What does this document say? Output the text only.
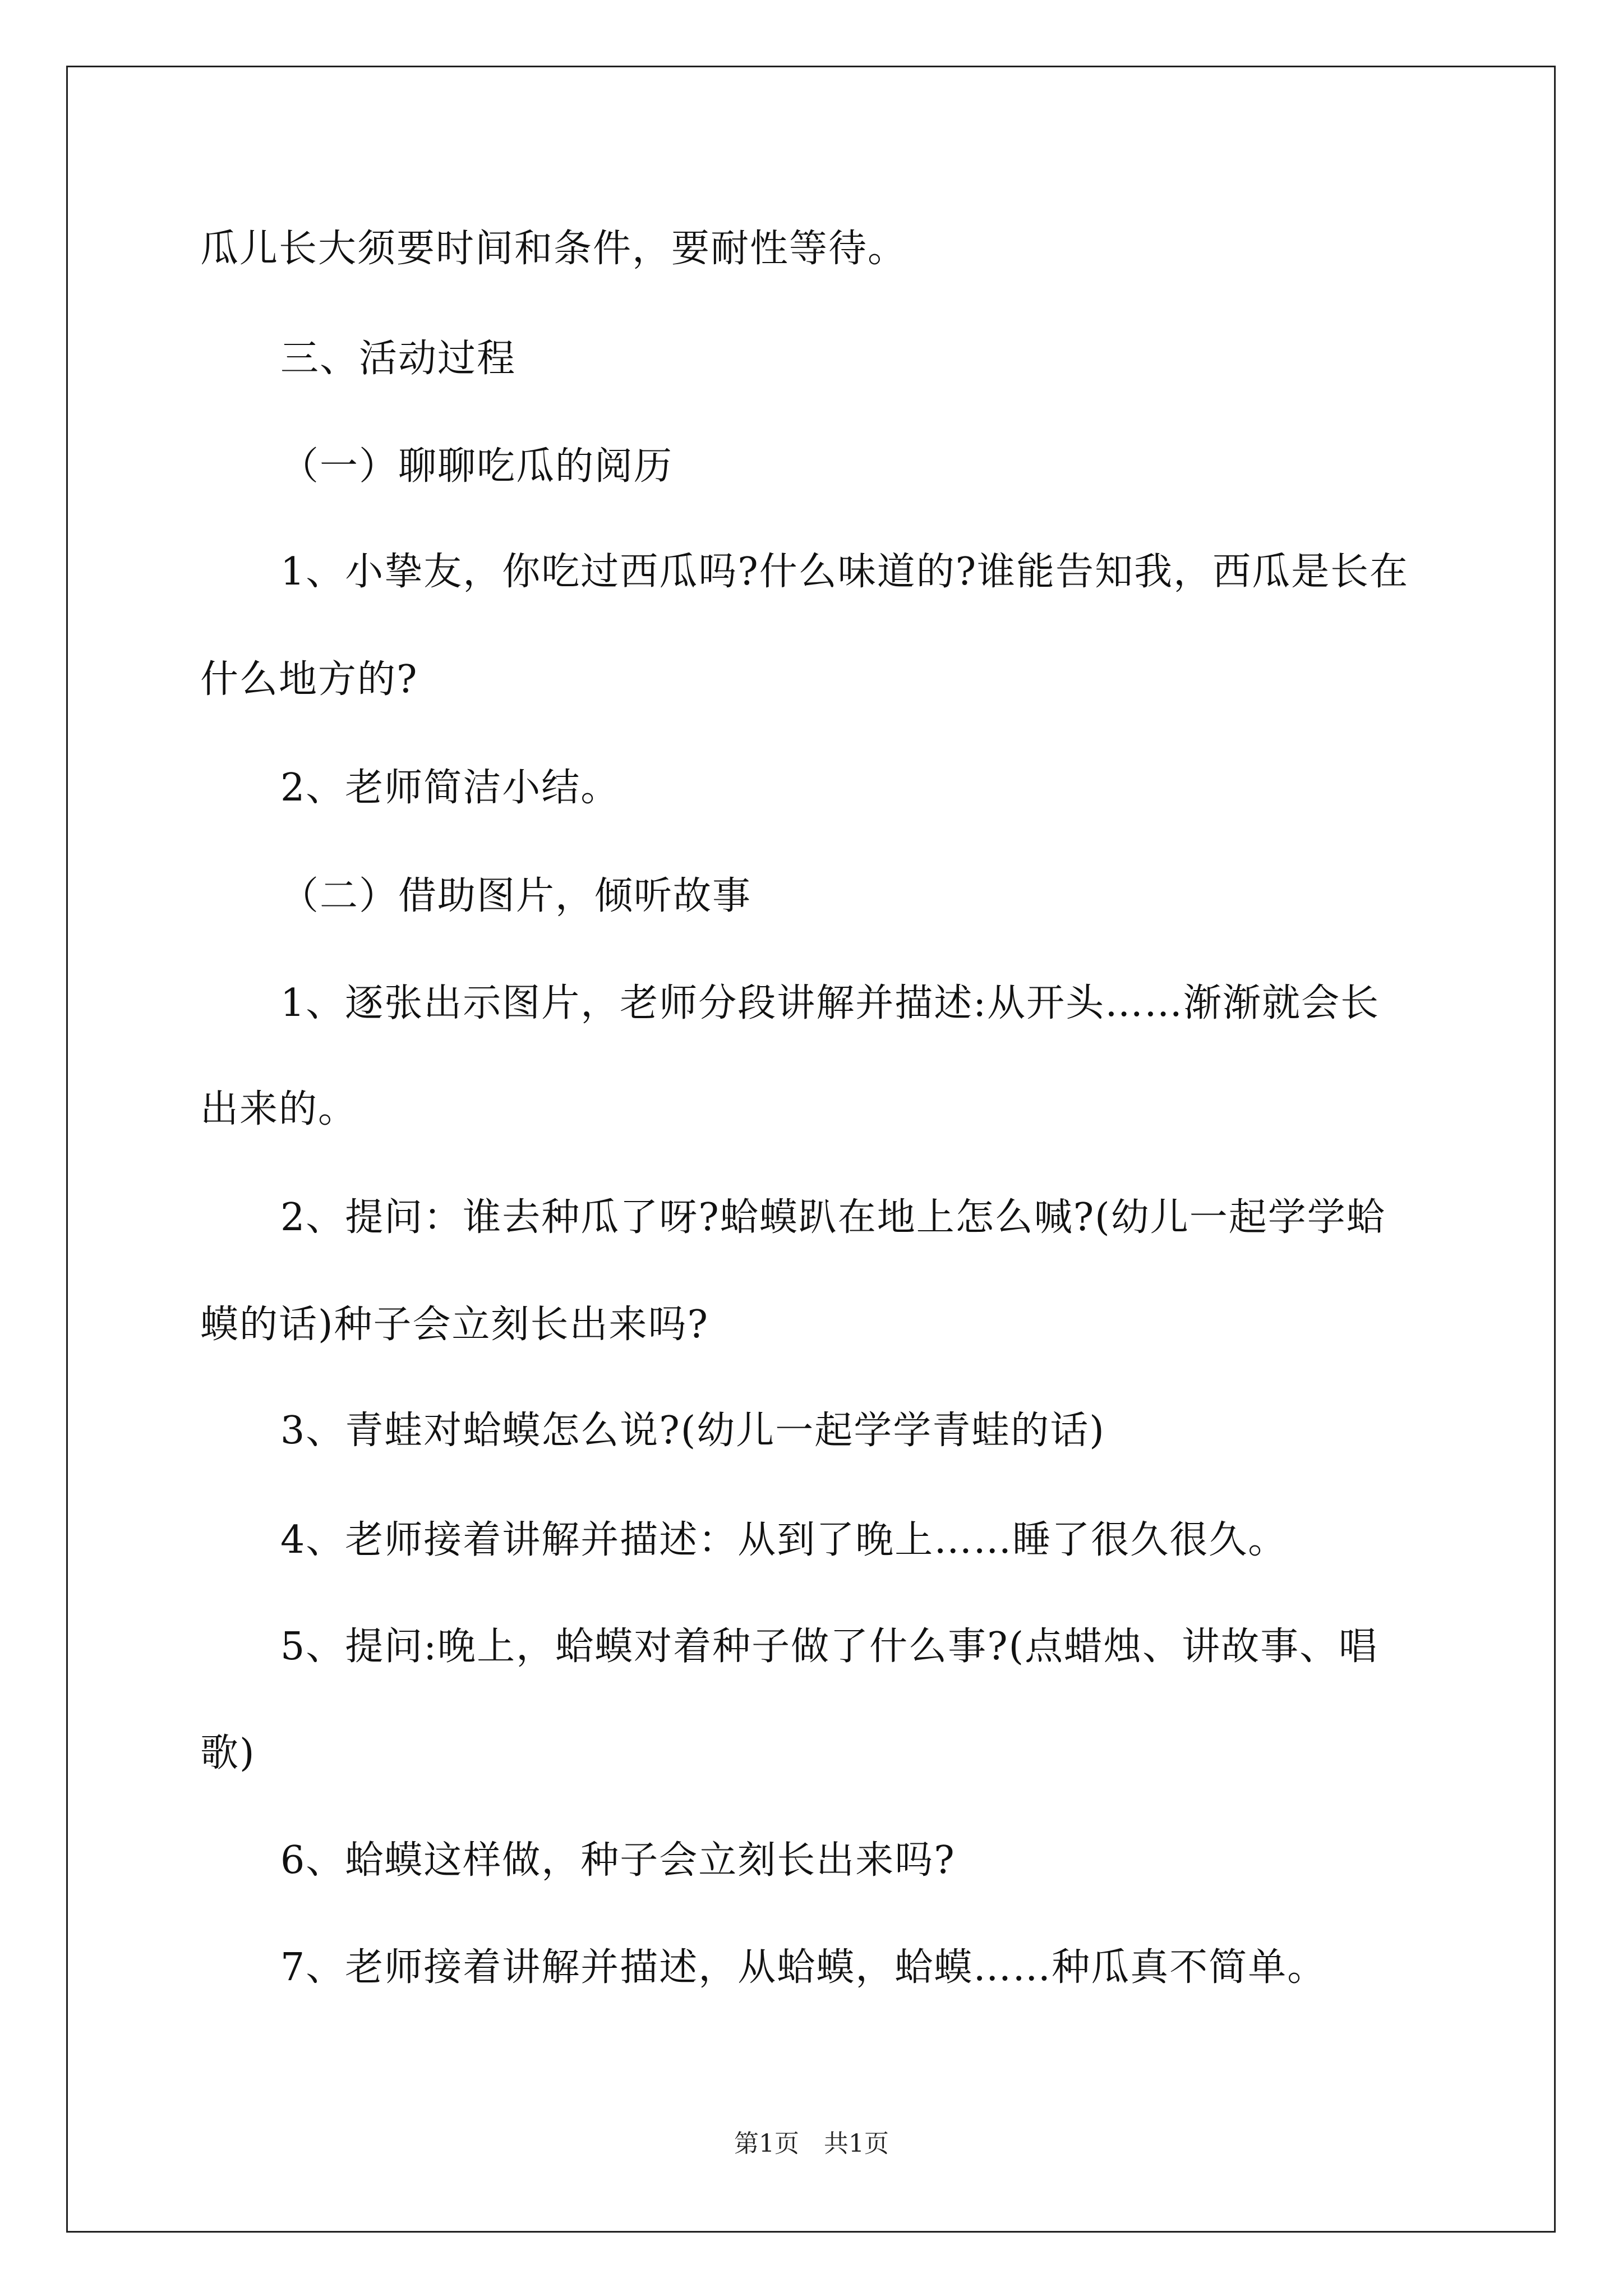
瓜儿长大须要时间和条件，要耐性等待。
三、活动过程
（一）聊聊吃瓜的阅历
1、小挚友，你吃过西瓜吗?什么味道的?谁能告知我，西瓜是长在
什么地方的?
2、老师简洁小结。
（二）借助图片，倾听故事
1、逐张出示图片，老师分段讲解并描述:从开头……渐渐就会长
出来的。
2、提问：谁去种瓜了呀?蛤蟆趴在地上怎么喊?(幼儿一起学学蛤
蟆的话)种子会立刻长出来吗?
3、青蛙对蛤蟆怎么说?(幼儿一起学学青蛙的话)
4、老师接着讲解并描述：从到了晚上……睡了很久很久。
5、提问:晚上，蛤蟆对着种子做了什么事?(点蜡烛、讲故事、唱
歌)
6、蛤蟆这样做，种子会立刻长出来吗?
7、老师接着讲解并描述，从蛤蟆，蛤蟆……种瓜真不简单。
第1页 共1页
